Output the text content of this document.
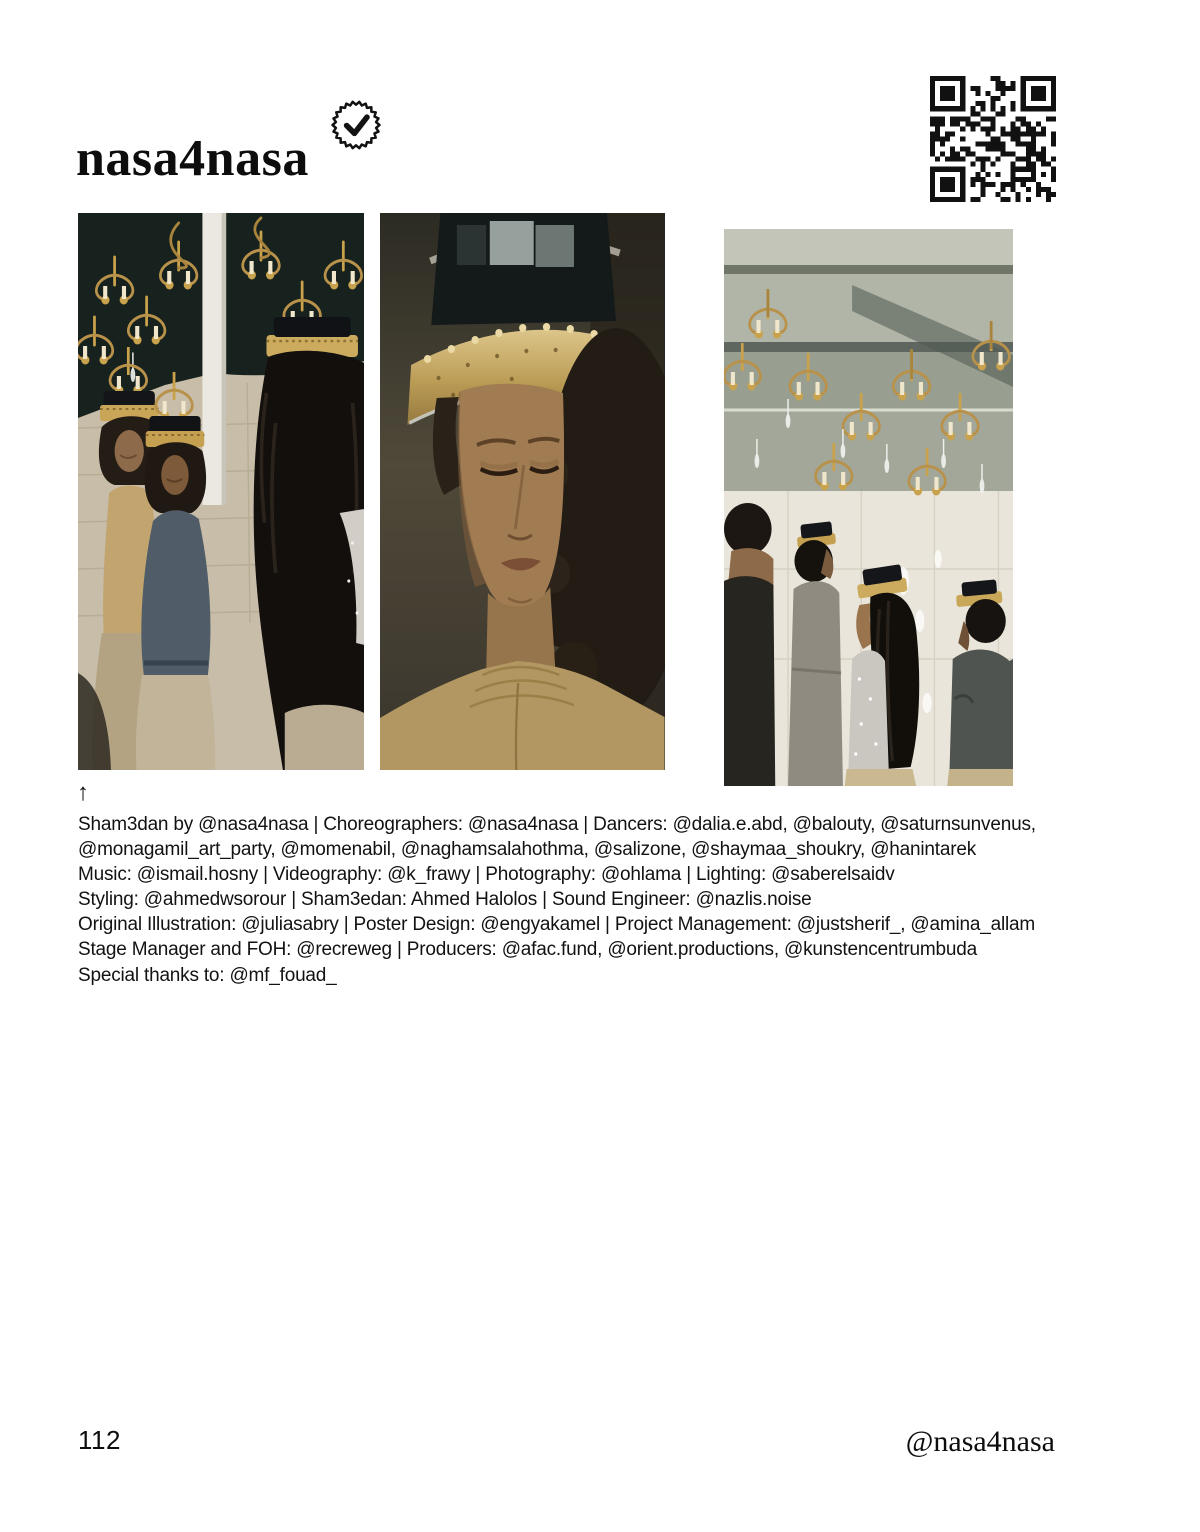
nasa4nasa
↑

Sham3dan by @nasa4nasa | Choreographers: @nasa4nasa | Dancers: @dalia.e.abd, @balouty, @saturnsunvenus,

@monagamil_art_party, @momenabil, @naghamsalahothma, @salizone, @shaymaa_shoukry, @hanintarek

Music: @ismail.hosny | Videography: @k_frawy | Photography: @ohlama | Lighting: @saberelsaidv

Styling: @ahmedwsorour | Sham3edan: Ahmed Halolos | Sound Engineer: @nazlis.noise

Original Illustration: @juliasabry | Poster Design: @engyakamel | Project Management: @justsherif_, @amina_allam

Stage Manager and FOH: @recreweg | Producers: @afac.fund, @orient.productions, @kunstencentrumbuda

Special thanks to: @mf_fouad_

112	@nasa4nasa
